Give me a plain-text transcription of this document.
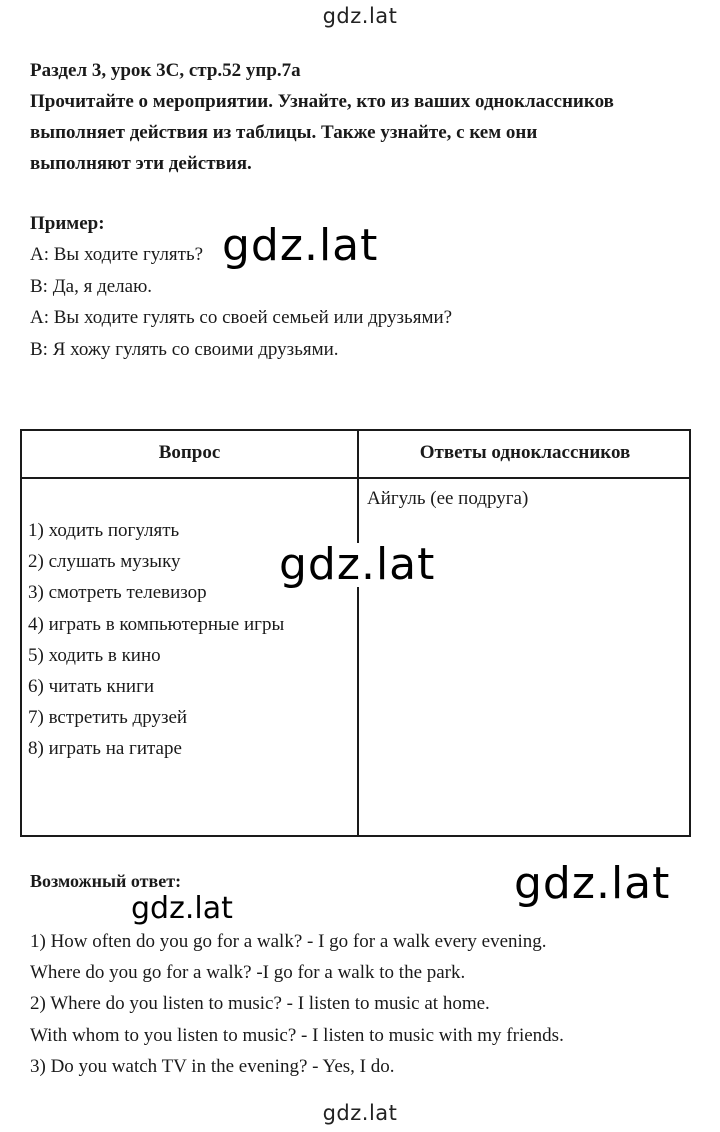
gdz.lat
gdz.lat

Раздел 3, урок 3С, стр.52 упр.7а

Прочитайте о мероприятии. Узнайте, кто из ваших одноклассников

выполняет действия из таблицы. Также узнайте, с кем они

выполняют эти действия.

Пример:

А: Вы ходите гулять?

В: Да, я делаю.

А: Вы ходите гулять со своей семьей или друзьями?

В: Я хожу гулять со своими друзьями.

Вопрос	Ответы одноклассников
1) ходить погулять
2) слушать музыку
3) смотреть телевизор
4) играть в компьютерные игры
5) ходить в кино
6) читать книги
7) встретить друзей
8) играть на гитаре
Айгуль (ее подруга)

Возможный ответ:

1) How often do you go for a walk? - I go for a walk every evening.

Where do you go for a walk? -I go for a walk to the park.

2) Where do you listen to music? - I listen to music at home.

With whom to you listen to music? - I listen to music with my friends.

3) Do you watch TV in the evening? - Yes, I do.

gdz.lat
gdz.lat
gdz.lat
gdz.lat
